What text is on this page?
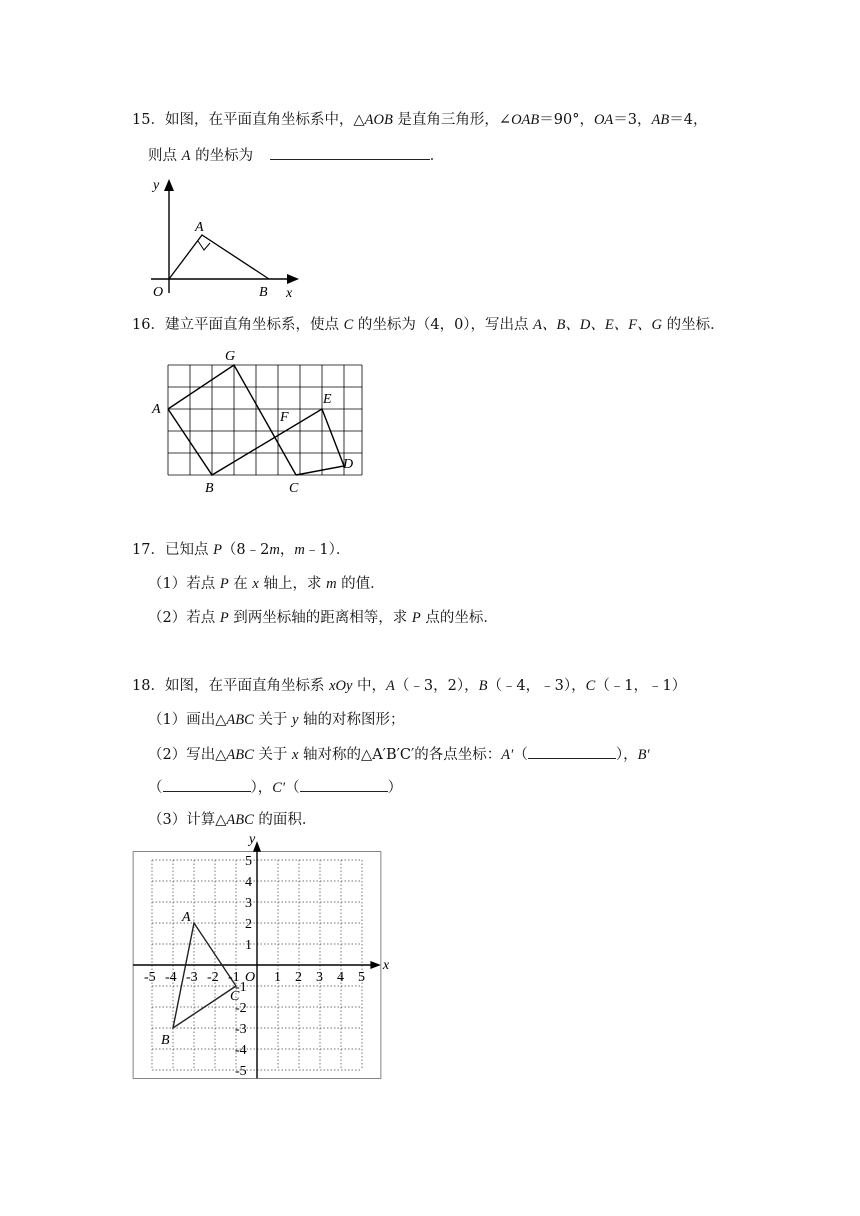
15．如图，在平面直角坐标系中，△AOB 是直角三角形，∠OAB＝90°，OA＝3，AB＝4，
则点 A 的坐标为	．
y
x
O
A
B
16．建立平面直角坐标系，使点 C 的坐标为（4，0），写出点 A、B、D、E、F、G 的坐标．
A
B	C
D
E
F
G
17．已知点 P（8﹣2m，m﹣1）．
（1）若点 P 在 x 轴上，求 m 的值．
（2）若点 P 到两坐标轴的距离相等，求 P 点的坐标．
18．如图，在平面直角坐标系 xOy 中，A（﹣3，2），B（﹣4，﹣3），C（﹣1，﹣1）
（1）画出△ABC 关于 y 轴的对称图形；
（2）写出△ABC 关于 x 轴对称的△A′B′C′的各点坐标：A′（	），B′
（	），C′（	）
（3）计算△ABC 的面积．
-5 -4 -3 -2 -1 1 2 3 4 5
5
4
3
2
1
-1
-2
-3
-4
-5
O
x
y
A
B
C
